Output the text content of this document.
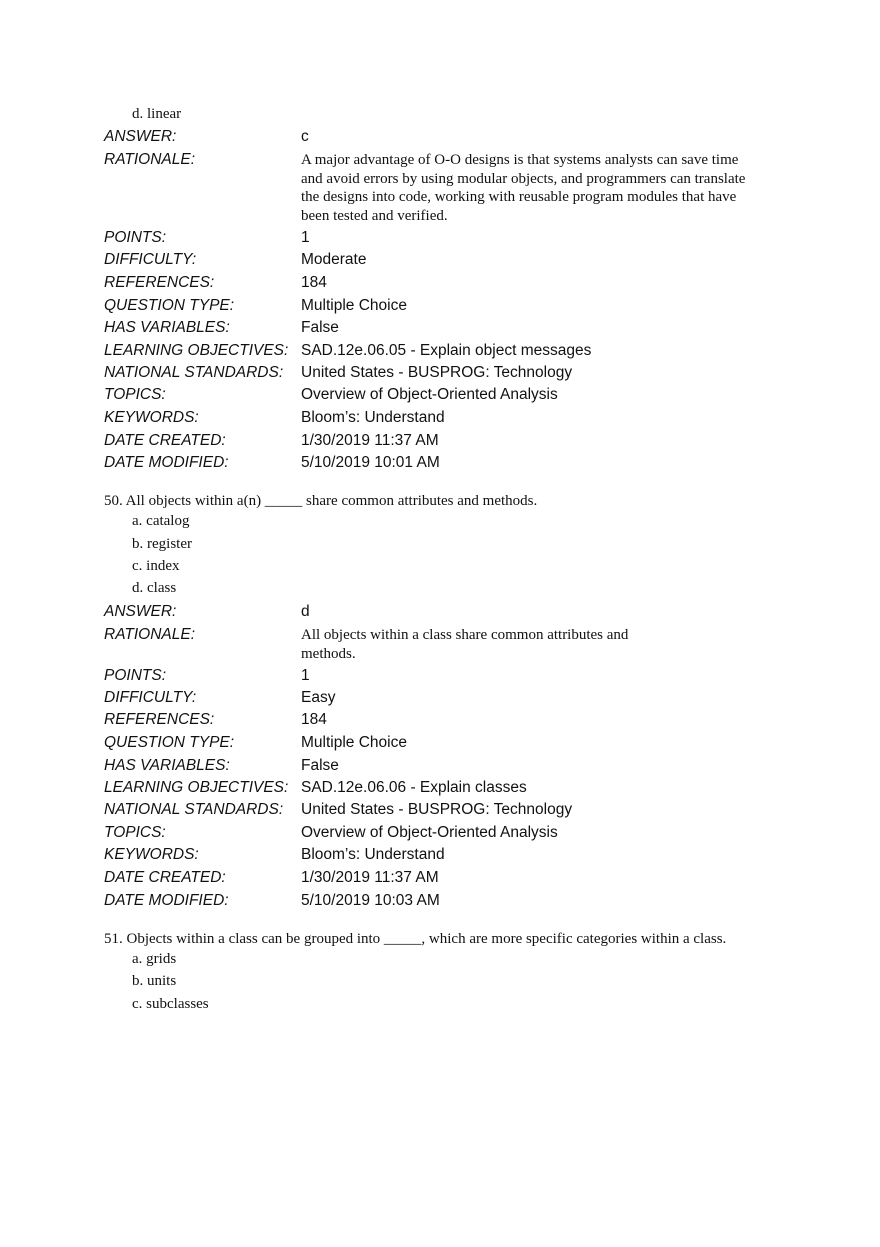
d. linear
ANSWER:	c
RATIONALE:	A major advantage of O-O designs is that systems analysts can save time
and avoid errors by using modular objects, and programmers can translate
the designs into code, working with reusable program modules that have
been tested and verified.
POINTS:	1
DIFFICULTY:	Moderate
REFERENCES:	184
QUESTION TYPE:	Multiple Choice
HAS VARIABLES:	False
LEARNING OBJECTIVES: SAD.12e.06.05 - Explain object messages
NATIONAL STANDARDS: United States - BUSPROG: Technology
TOPICS:	Overview of Object-Oriented Analysis
KEYWORDS:	Bloom’s: Understand
DATE CREATED:	1/30/2019 11:37 AM
DATE MODIFIED:	5/10/2019 10:01 AM
50. All objects within a(n) _____ share common attributes and methods.
a. catalog
b. register
c. index
d. class
ANSWER:	d
RATIONALE:	All objects within a class share common attributes and
methods.
POINTS:	1
DIFFICULTY:	Easy
REFERENCES:	184
QUESTION TYPE:	Multiple Choice
HAS VARIABLES:	False
LEARNING OBJECTIVES: SAD.12e.06.06 - Explain classes
NATIONAL STANDARDS: United States - BUSPROG: Technology
TOPICS:	Overview of Object-Oriented Analysis
KEYWORDS:	Bloom’s: Understand
DATE CREATED:	1/30/2019 11:37 AM
DATE MODIFIED:	5/10/2019 10:03 AM
51. Objects within a class can be grouped into _____, which are more specific categories within a class.
a. grids
b. units
c. subclasses
